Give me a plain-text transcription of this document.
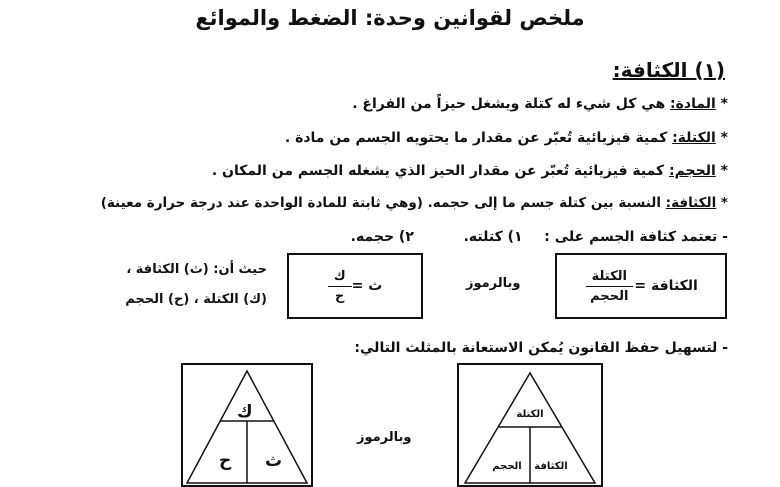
ملخص لقوانين وحدة: الضغط والموائع
(١) الكثافة:
* المادة: هي كل شيء له كتلة ويشغل حيزاً من الفراغ .
* الكتلة: كمية فيزيائية تُعبّر عن مقدار ما يحتويه الجسم من مادة .
* الحجم: كمية فيزيائية تُعبّر عن مقدار الحيز الذي يشغله الجسم من المكان .
* الكثافة: النسبة بين كتلة جسم ما إلى حجمه. (وهي ثابتة للمادة الواحدة عند درجة حرارة معينة)
- تعتمد كثافة الجسم على :  ١) كتلته.  ٢) حجمه.
الكثافة =
$\frac{\text{الكتلة}}{\text{الحجم}}$
وبالرموز
ث =
$\frac{\text{ك}}{\text{ح}}$
حيث أن: (ث) الكثافة ،
(ك) الكتلة ، (ح) الحجم
- لتسهيل حفظ القانون يُمكن الاستعانة بالمثلث التالي:
ك
ث
ح
وبالرموز
الكتلة
الكثافة
الحجم
